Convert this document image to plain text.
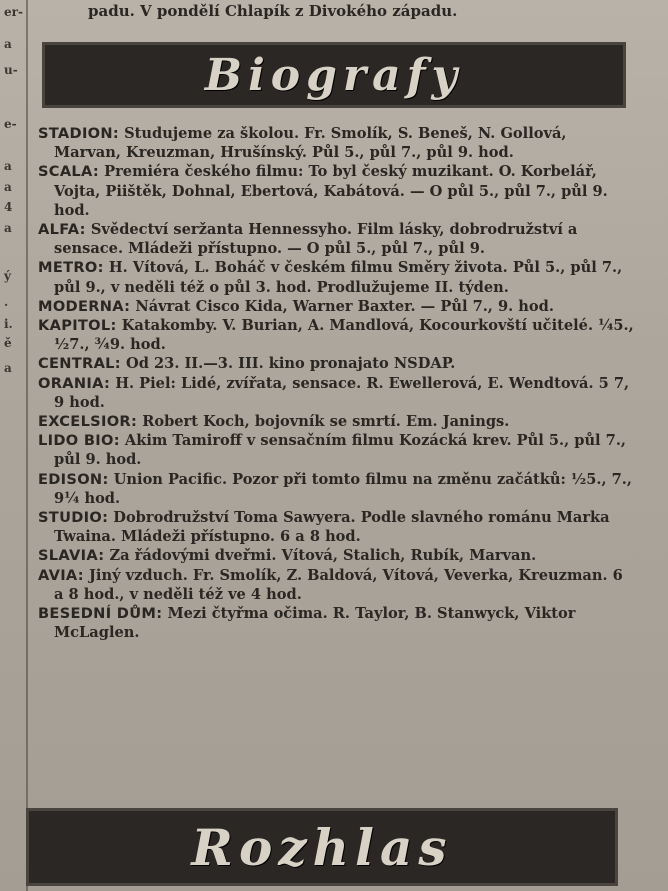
er-
a
u-
e-
a
a
4
a
ý
.
i.
ě
a
padu. V pondělí Chlapík z Divokého západu.
Biografy

STADION: Studujeme za školou. Fr. Smolík, S. Beneš, N. Gollová, Marvan, Kreuzman, Hrušínský. Půl 5., půl 7., půl 9. hod.

SCALA: Premiéra českého filmu: To byl český muzikant. O. Korbelář, Vojta, Piištěk, Dohnal, Ebertová, Kabátová. — O půl 5., půl 7., půl 9. hod.

ALFA: Svědectví seržanta Hennessyho. Film lásky, dobrodružství a sensace. Mládeži přístupno. — O půl 5., půl 7., půl 9.

METRO: H. Vítová, L. Boháč v českém filmu Směry života. Půl 5., půl 7., půl 9., v neděli též o půl 3. hod. Prodlužujeme II. týden.

MODERNA: Návrat Cisco Kida, Warner Baxter. — Půl 7., 9. hod.

KAPITOL: Katakomby. V. Burian, A. Mandlová, Kocourkovští učitelé. ¼5., ½7., ¾9. hod.

CENTRAL: Od 23. II.—3. III. kino pronajato NSDAP.

ORANIA: H. Piel: Lidé, zvířata, sensace. R. Ewellerová, E. Wendtová. 5 7, 9 hod.

EXCELSIOR: Robert Koch, bojovník se smrtí. Em. Janings.

LIDO BIO: Akim Tamiroff v sensačním filmu Kozácká krev. Půl 5., půl 7., půl 9. hod.

EDISON: Union Pacific. Pozor při tomto filmu na změnu začátků: ½5., 7., 9¼ hod.

STUDIO: Dobrodružství Toma Sawyera. Podle slavného románu Marka Twaina. Mládeži přístupno. 6 a 8 hod.

SLAVIA: Za řádovými dveřmi. Vítová, Stalich, Rubík, Marvan.

AVIA: Jiný vzduch. Fr. Smolík, Z. Baldová, Vítová, Veverka, Kreuzman. 6 a 8 hod., v neděli též ve 4 hod.

BESEDNÍ DŮM: Mezi čtyřma očima. R. Taylor, B. Stanwyck, Viktor McLaglen.

Rozhlas
